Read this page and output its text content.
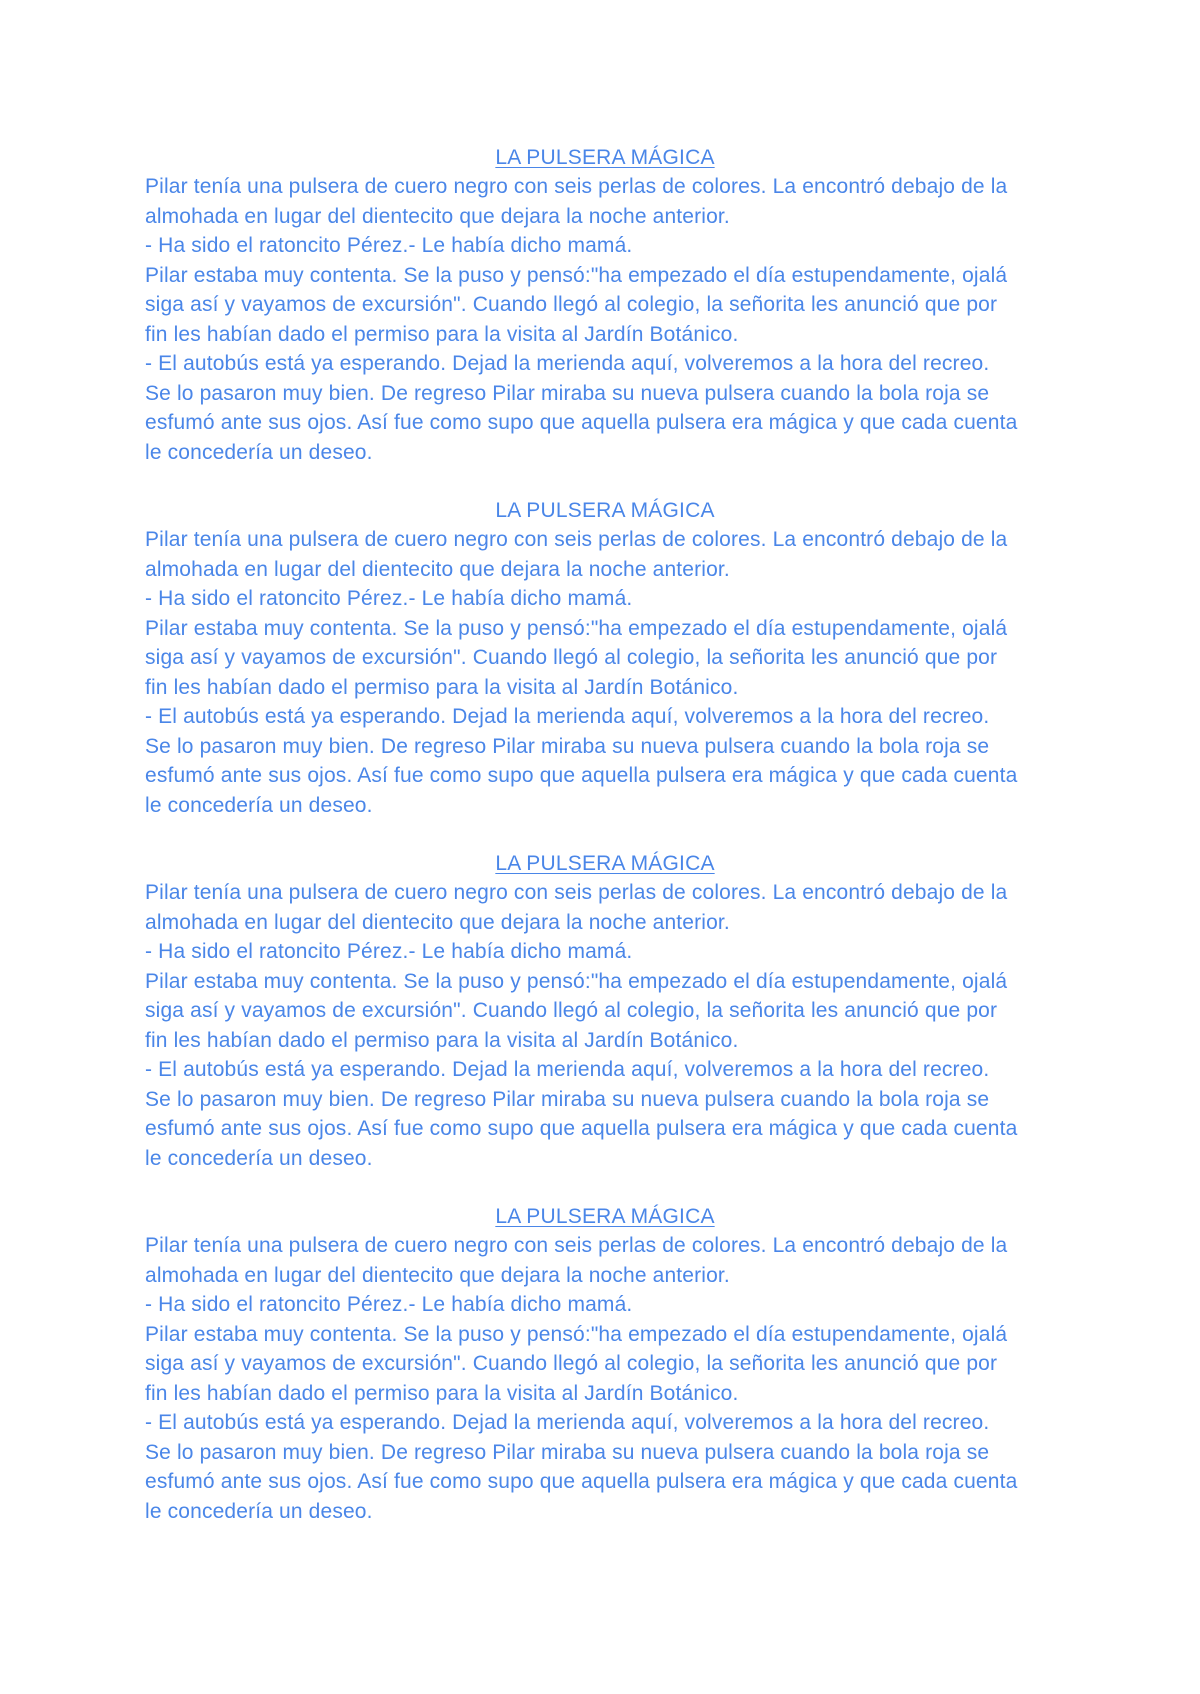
LA PULSERA MÁGICA

Pilar tenía una pulsera de cuero negro con seis perlas de colores. La encontró debajo de la

almohada en lugar del dientecito que dejara la noche anterior.

- Ha sido el ratoncito Pérez.- Le había dicho mamá.

Pilar estaba muy contenta. Se la puso y pensó:"ha empezado el día estupendamente, ojalá

siga así y vayamos de excursión". Cuando llegó al colegio, la señorita les anunció que por

fin les habían dado el permiso para la visita al Jardín Botánico.

- El autobús está ya esperando. Dejad la merienda aquí, volveremos a la hora del recreo.

Se lo pasaron muy bien. De regreso Pilar miraba su nueva pulsera cuando la bola roja se

esfumó ante sus ojos. Así fue como supo que aquella pulsera era mágica y que cada cuenta

le concedería un deseo.

LA PULSERA MÁGICA

Pilar tenía una pulsera de cuero negro con seis perlas de colores. La encontró debajo de la

almohada en lugar del dientecito que dejara la noche anterior.

- Ha sido el ratoncito Pérez.- Le había dicho mamá.

Pilar estaba muy contenta. Se la puso y pensó:"ha empezado el día estupendamente, ojalá

siga así y vayamos de excursión". Cuando llegó al colegio, la señorita les anunció que por

fin les habían dado el permiso para la visita al Jardín Botánico.

- El autobús está ya esperando. Dejad la merienda aquí, volveremos a la hora del recreo.

Se lo pasaron muy bien. De regreso Pilar miraba su nueva pulsera cuando la bola roja se

esfumó ante sus ojos. Así fue como supo que aquella pulsera era mágica y que cada cuenta

le concedería un deseo.

LA PULSERA MÁGICA

Pilar tenía una pulsera de cuero negro con seis perlas de colores. La encontró debajo de la

almohada en lugar del dientecito que dejara la noche anterior.

- Ha sido el ratoncito Pérez.- Le había dicho mamá.

Pilar estaba muy contenta. Se la puso y pensó:"ha empezado el día estupendamente, ojalá

siga así y vayamos de excursión". Cuando llegó al colegio, la señorita les anunció que por

fin les habían dado el permiso para la visita al Jardín Botánico.

- El autobús está ya esperando. Dejad la merienda aquí, volveremos a la hora del recreo.

Se lo pasaron muy bien. De regreso Pilar miraba su nueva pulsera cuando la bola roja se

esfumó ante sus ojos. Así fue como supo que aquella pulsera era mágica y que cada cuenta

le concedería un deseo.

LA PULSERA MÁGICA

Pilar tenía una pulsera de cuero negro con seis perlas de colores. La encontró debajo de la

almohada en lugar del dientecito que dejara la noche anterior.

- Ha sido el ratoncito Pérez.- Le había dicho mamá.

Pilar estaba muy contenta. Se la puso y pensó:"ha empezado el día estupendamente, ojalá

siga así y vayamos de excursión". Cuando llegó al colegio, la señorita les anunció que por

fin les habían dado el permiso para la visita al Jardín Botánico.

- El autobús está ya esperando. Dejad la merienda aquí, volveremos a la hora del recreo.

Se lo pasaron muy bien. De regreso Pilar miraba su nueva pulsera cuando la bola roja se

esfumó ante sus ojos. Así fue como supo que aquella pulsera era mágica y que cada cuenta

le concedería un deseo.
